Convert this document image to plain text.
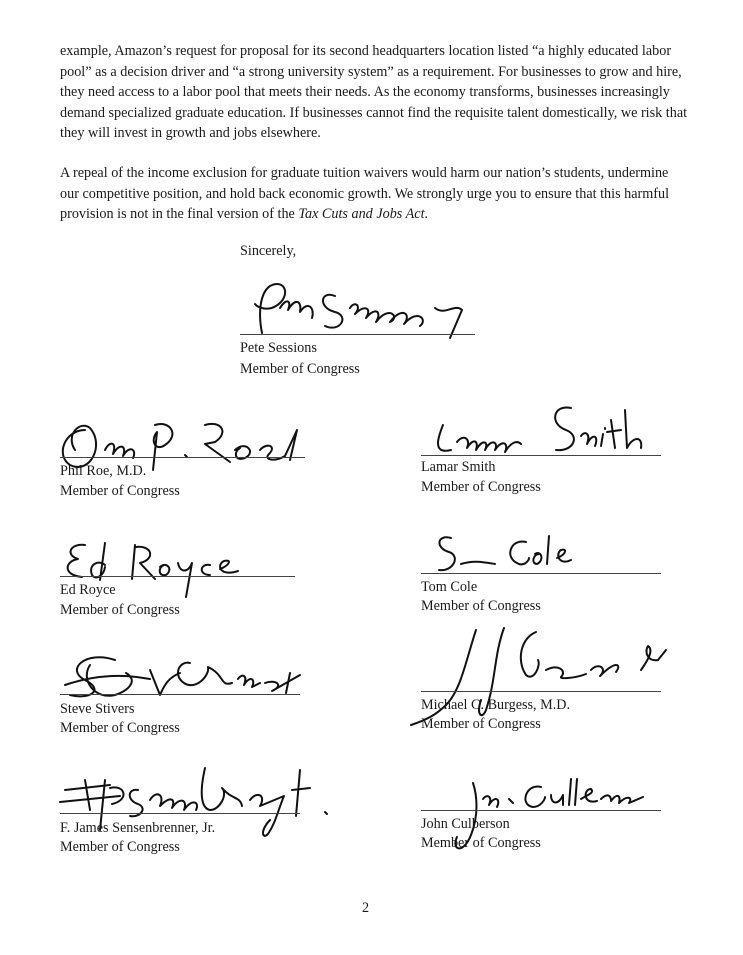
example, Amazon’s request for proposal for its second headquarters location listed “a highly educated labor pool” as a decision driver and “a strong university system” as a requirement. For businesses to grow and hire, they need access to a labor pool that meets their needs. As the economy transforms, businesses increasingly demand specialized graduate education. If businesses cannot find the requisite talent domestically, we risk that they will invest in growth and jobs elsewhere.

A repeal of the income exclusion for graduate tuition waivers would harm our nation’s students, undermine our competitive position, and hold back economic growth. We strongly urge you to ensure that this harmful provision is not in the final version of the Tax Cuts and Jobs Act.

Sincerely,
Pete Sessions
Member of Congress
Phil Roe, M.D.
Member of Congress
Lamar Smith
Member of Congress
Ed Royce
Member of Congress
Tom Cole
Member of Congress
Steve Stivers
Member of Congress
Michael C. Burgess, M.D.
Member of Congress
F. James Sensenbrenner, Jr.
Member of Congress
John Culberson
Member of Congress
2
